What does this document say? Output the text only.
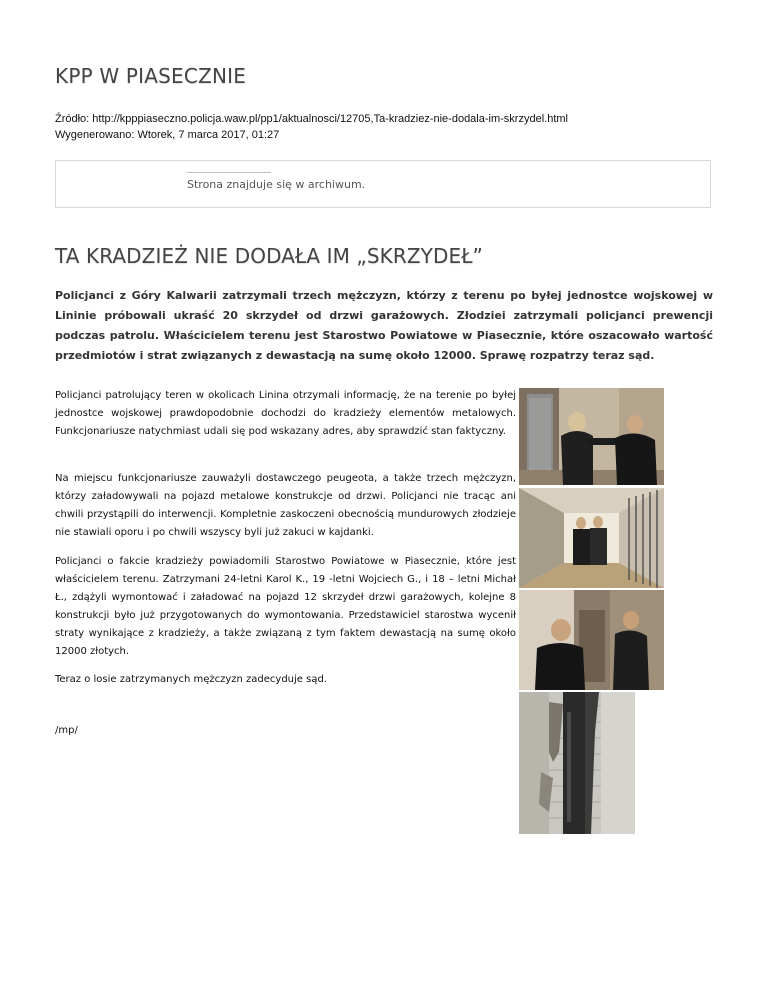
KPP W PIASECZNIE
Źródło: http://kpppiaseczno.policja.waw.pl/pp1/aktualnosci/12705,Ta-kradziez-nie-dodala-im-skrzydel.html
Wygenerowano: Wtorek, 7 marca 2017, 01:27
Strona znajduje się w archiwum.
TA KRADZIEŻ NIE DODAŁA IM „SKRZYDEŁ”

Policjanci z Góry Kalwarii zatrzymali trzech mężczyzn, którzy z terenu po byłej jednostce wojskowej w Lininie próbowali ukraść 20 skrzydeł od drzwi garażowych. Złodziei zatrzymali policjanci prewencji podczas patrolu. Właścicielem terenu jest Starostwo Powiatowe w Piasecznie, które oszacowało wartość przedmiotów i strat związanych z dewastacją na sumę około 12000. Sprawę rozpatrzy teraz sąd.

Policjanci patrolujący teren w okolicach Linina otrzymali informację, że na terenie po byłej jednostce wojskowej prawdopodobnie dochodzi do kradzieży elementów metalowych. Funkcjonariusze natychmiast udali się pod wskazany adres, aby sprawdzić stan faktyczny.

Na miejscu funkcjonariusze zauważyli dostawczego peugeota, a także trzech mężczyzn, którzy załadowywali na pojazd metalowe konstrukcje od drzwi. Policjanci nie tracąc ani chwili przystąpili do interwencji. Kompletnie zaskoczeni obecnością mundurowych złodzieje nie stawiali oporu i po chwili wszyscy byli już zakuci w kajdanki.

Policjanci o fakcie kradzieży powiadomili Starostwo Powiatowe w Piasecznie, które jest właścicielem terenu. Zatrzymani 24-letni Karol K., 19 -letni Wojciech G., i 18 – letni Michał Ł., zdążyli wymontować i załadować na pojazd 12 skrzydeł drzwi garażowych, kolejne 8 konstrukcji było już przygotowanych do wymontowania. Przedstawiciel starostwa wycenił straty wynikające z kradzieży, a także związaną z tym faktem dewastacją na sumę około 12000 złotych.

Teraz o losie zatrzymanych mężczyzn zadecyduje sąd.

/mp/
